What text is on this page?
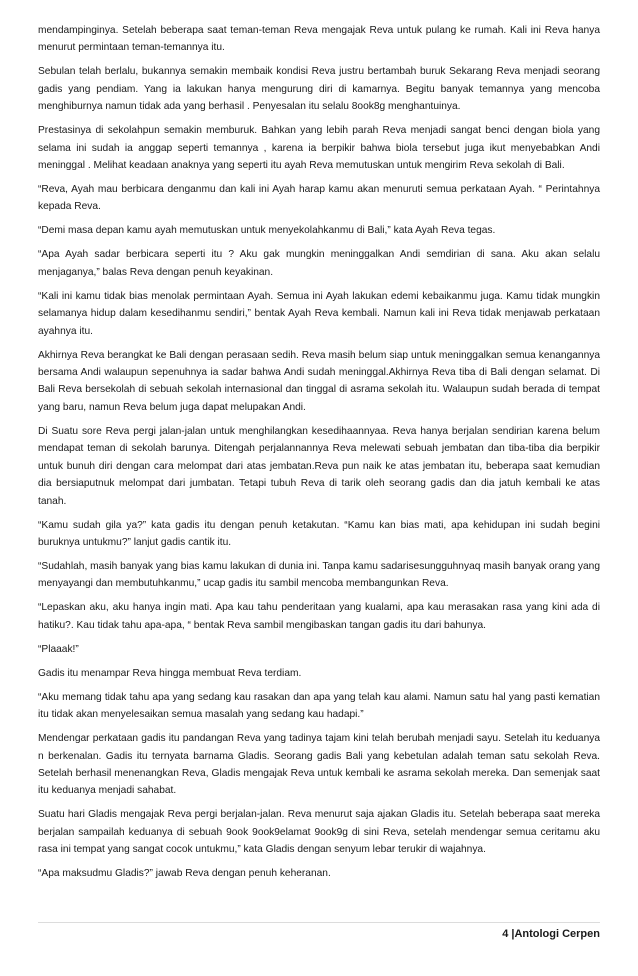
mendampinginya. Setelah beberapa saat teman-teman Reva mengajak Reva untuk pulang ke rumah. Kali ini Reva hanya menurut permintaan teman-temannya itu.

Sebulan telah berlalu, bukannya semakin membaik kondisi Reva justru bertambah buruk Sekarang Reva menjadi seorang gadis yang pendiam. Yang ia lakukan hanya mengurung diri di kamarnya. Begitu banyak temannya yang mencoba menghiburnya namun tidak ada yang berhasil . Penyesalan itu selalu 8ook8g menghantuinya.

Prestasinya di sekolahpun semakin memburuk. Bahkan yang lebih parah Reva menjadi sangat benci dengan biola yang selama ini sudah ia anggap seperti temannya , karena ia berpikir bahwa biola tersebut juga ikut menyebabkan Andi meninggal . Melihat keadaan anaknya yang seperti itu ayah Reva memutuskan untuk mengirim Reva sekolah di Bali.

“Reva, Ayah mau berbicara denganmu dan kali ini Ayah harap kamu akan menuruti semua perkataan Ayah. “ Perintahnya kepada Reva.

“Demi masa depan kamu ayah memutuskan untuk menyekolahkanmu di Bali,” kata Ayah Reva tegas.

“Apa Ayah sadar berbicara seperti itu ? Aku gak mungkin meninggalkan Andi semdirian di sana. Aku akan selalu menjaganya,” balas Reva dengan penuh keyakinan.

“Kali ini kamu tidak bias menolak permintaan Ayah. Semua ini Ayah lakukan edemi kebaikanmu juga. Kamu tidak mungkin selamanya hidup dalam kesedihanmu sendiri,” bentak Ayah Reva kembali. Namun kali ini Reva tidak menjawab perkataan ayahnya itu.

Akhirnya Reva berangkat ke Bali dengan perasaan sedih. Reva masih belum siap untuk meninggalkan semua kenangannya bersama Andi walaupun sepenuhnya ia sadar bahwa Andi sudah meninggal.Akhirnya Reva tiba di Bali dengan selamat. Di Bali Reva bersekolah di sebuah sekolah internasional dan tinggal di asrama sekolah itu. Walaupun sudah berada di tempat yang baru, namun Reva belum juga dapat melupakan Andi.

Di Suatu sore Reva pergi jalan-jalan untuk menghilangkan kesedihaannyaa. Reva hanya berjalan sendirian karena belum mendapat teman di sekolah barunya. Ditengah perjalannannya Reva melewati sebuah jembatan dan tiba-tiba dia berpikir untuk bunuh diri dengan cara melompat dari atas jembatan.Reva pun naik ke atas jembatan itu, beberapa saat kemudian dia bersiaputnuk melompat dari jumbatan. Tetapi tubuh Reva di tarik oleh seorang gadis dan dia jatuh kembali ke atas tanah.

“Kamu sudah gila ya?” kata gadis itu dengan penuh ketakutan. “Kamu kan bias mati, apa kehidupan ini sudah begini buruknya untukmu?” lanjut gadis cantik itu.

“Sudahlah, masih banyak yang bias kamu lakukan di dunia ini. Tanpa kamu sadarisesungguhnyaq masih banyak orang yang menyayangi dan membutuhkanmu,” ucap gadis itu sambil mencoba membangunkan Reva.

“Lepaskan aku, aku hanya ingin mati. Apa kau tahu penderitaan yang kualami, apa kau merasakan rasa yang kini ada di hatiku?. Kau tidak tahu apa-apa, “ bentak Reva sambil mengibaskan tangan gadis itu dari bahunya.

“Plaaak!”

Gadis itu menampar Reva hingga membuat Reva terdiam.

“Aku memang tidak tahu apa yang sedang kau rasakan dan apa yang telah kau alami. Namun satu hal yang pasti kematian itu tidak akan menyelesaikan semua masalah yang sedang kau hadapi.”

Mendengar perkataan gadis itu pandangan Reva yang tadinya tajam kini telah berubah menjadi sayu. Setelah itu keduanya n berkenalan. Gadis itu ternyata barnama Gladis. Seorang gadis Bali yang kebetulan adalah teman satu sekolah Reva. Setelah berhasil menenangkan Reva, Gladis mengajak Reva untuk kembali ke asrama sekolah mereka. Dan semenjak saat itu keduanya menjadi sahabat.

Suatu hari Gladis mengajak Reva pergi berjalan-jalan. Reva menurut saja ajakan Gladis itu. Setelah beberapa saat mereka berjalan sampailah keduanya di sebuah 9ook 9ook9elamat 9ook9g di sini Reva, setelah mendengar semua ceritamu aku rasa ini tempat yang sangat cocok untukmu,” kata Gladis dengan senyum lebar terukir di wajahnya.

“Apa maksudmu Gladis?” jawab Reva dengan penuh keheranan.

4 |Antologi Cerpen
